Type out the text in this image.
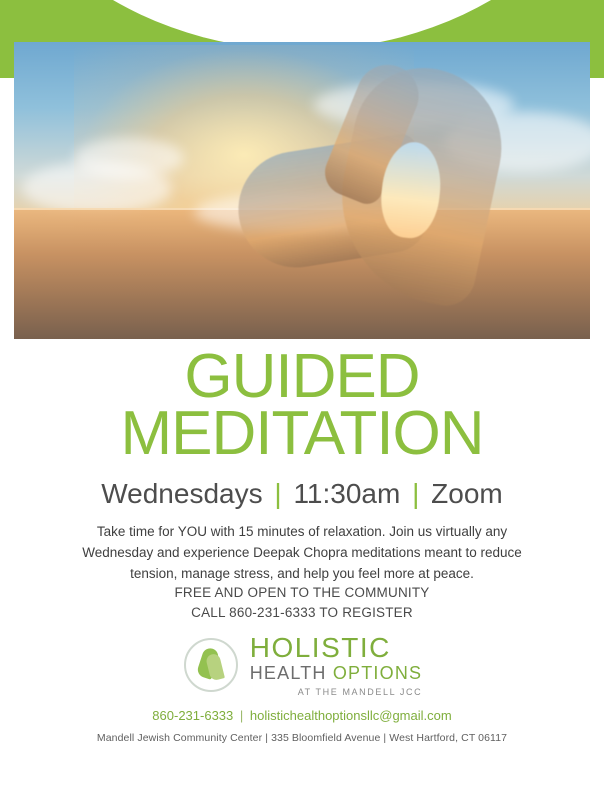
GUIDED
MEDITATION
Wednesdays | 11:30am | Zoom
Take time for YOU with 15 minutes of relaxation. Join us virtually any Wednesday and experience Deepak Chopra meditations meant to reduce tension, manage stress, and help you feel more at peace.
FREE AND OPEN TO THE COMMUNITY
CALL 860-231-6333 TO REGISTER
HOLISTIC
HEALTH OPTIONS
AT THE MANDELL JCC
860-231-6333 | holistichealthoptionsllc@gmail.com
Mandell Jewish Community Center | 335 Bloomfield Avenue | West Hartford, CT 06117
